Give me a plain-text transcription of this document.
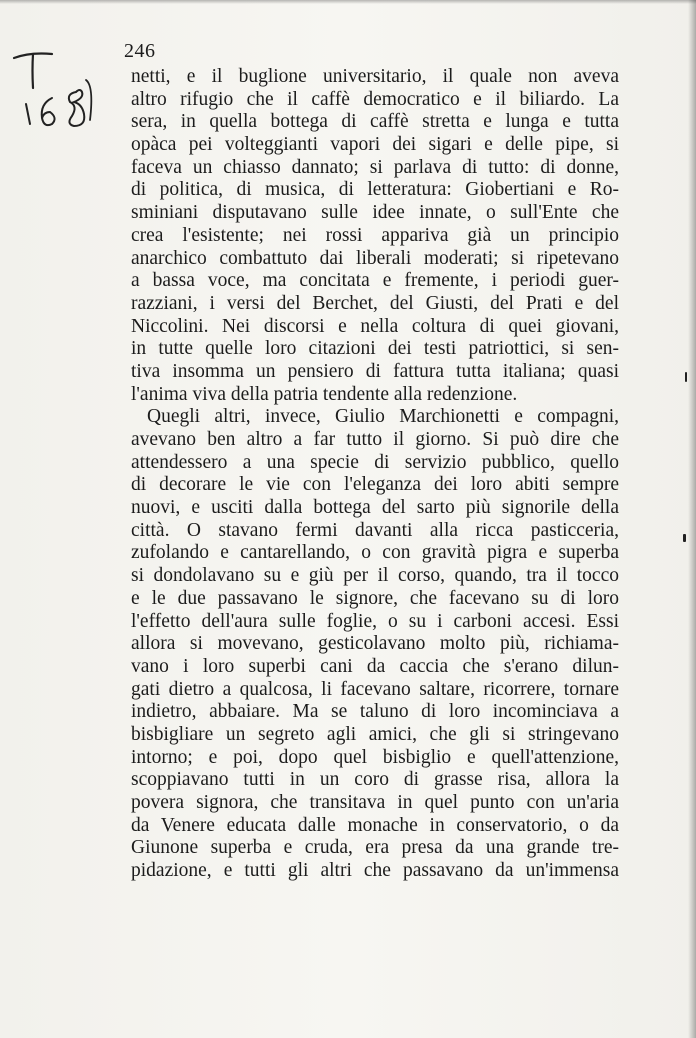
246
netti, e il buglione universitario, il quale non aveva
altro rifugio che il caffè democratico e il biliardo. La
sera, in quella bottega di caffè stretta e lunga e tutta
opàca pei volteggianti vapori dei sigari e delle pipe, si
faceva un chiasso dannato; si parlava di tutto: di donne,
di politica, di musica, di letteratura: Giobertiani e Ro-
sminiani disputavano sulle idee innate, o sull'Ente che
crea l'esistente; nei rossi appariva già un principio
anarchico combattuto dai liberali moderati; si ripetevano
a bassa voce, ma concitata e fremente, i periodi guer-
razziani, i versi del Berchet, del Giusti, del Prati e del
Niccolini. Nei discorsi e nella coltura di quei giovani,
in tutte quelle loro citazioni dei testi patriottici, si sen-
tiva insomma un pensiero di fattura tutta italiana; quasi
l'anima viva della patria tendente alla redenzione.
Quegli altri, invece, Giulio Marchionetti e compagni,
avevano ben altro a far tutto il giorno. Si può dire che
attendessero a una specie di servizio pubblico, quello
di decorare le vie con l'eleganza dei loro abiti sempre
nuovi, e usciti dalla bottega del sarto più signorile della
città. O stavano fermi davanti alla ricca pasticceria,
zufolando e cantarellando, o con gravità pigra e superba
si dondolavano su e giù per il corso, quando, tra il tocco
e le due passavano le signore, che facevano su di loro
l'effetto dell'aura sulle foglie, o su i carboni accesi. Essi
allora si movevano, gesticolavano molto più, richiama-
vano i loro superbi cani da caccia che s'erano dilun-
gati dietro a qualcosa, li facevano saltare, ricorrere, tornare
indietro, abbaiare. Ma se taluno di loro incominciava a
bisbigliare un segreto agli amici, che gli si stringevano
intorno; e poi, dopo quel bisbiglio e quell'attenzione,
scoppiavano tutti in un coro di grasse risa, allora la
povera signora, che transitava in quel punto con un'aria
da Venere educata dalle monache in conservatorio, o da
Giunone superba e cruda, era presa da una grande tre-
pidazione, e tutti gli altri che passavano da un'immensa
